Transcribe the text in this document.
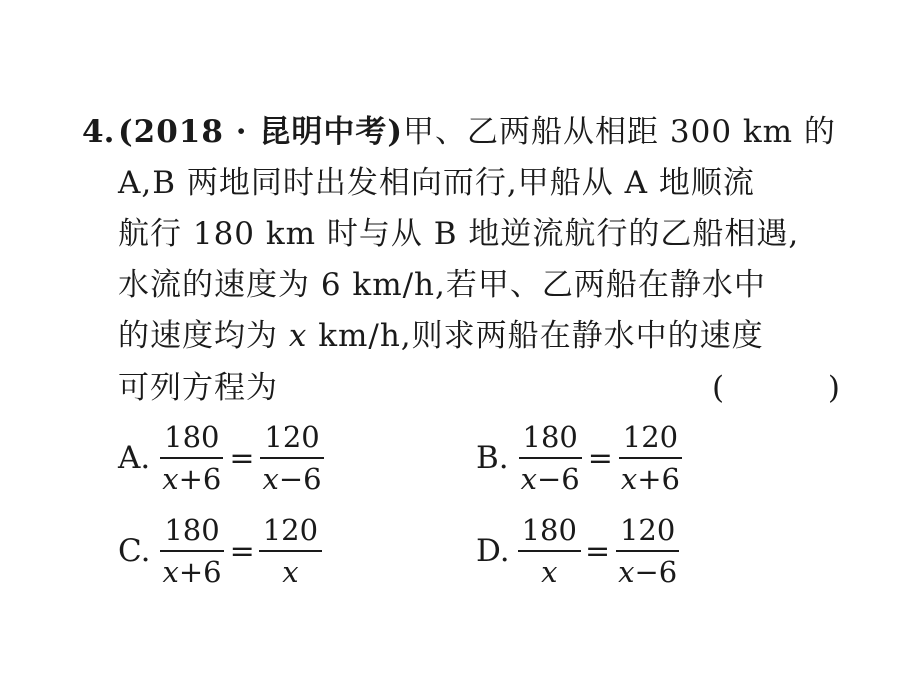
4. (2018 · 昆明中考)甲、乙两船从相距 300 km 的
A,B 两地同时出发相向而行,甲船从 A 地顺流
航行 180 km 时与从 B 地逆流航行的乙船相遇,
水流的速度为 6 km/h,若甲、乙两船在静水中
的速度均为 x km/h,则求两船在静水中的速度
可列方程为	(	)
A. $\frac{180}{x+6} = \frac{120}{x-6}$	B. $\frac{180}{x-6} = \frac{120}{x+6}$
C. $\frac{180}{x+6} = \frac{120}{x}$	D. $\frac{180}{x} = \frac{120}{x-6}$
